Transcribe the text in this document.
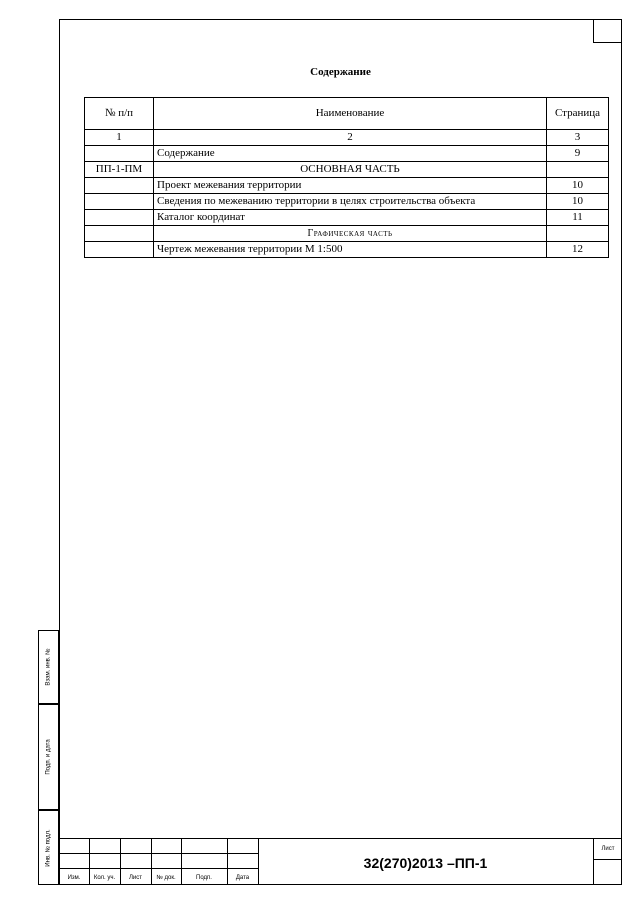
Содержание
№ п/п	Наименование	Страница
1	2	3
	Содержание	9
ПП-1-ПМ	ОСНОВНАЯ ЧАСТЬ	
	Проект межевания территории	10
	Сведения по межеванию территории в целях строительства объекта	10
	Каталог координат	11
	Графическая часть	
	Чертеж межевания территории М 1:500	12
Взам. инв. №
Подп. и дата
Инв. № подл.
Изм.	Кол. уч.	Лист	№ док.	Подп.	Дата
32(270)2013 –ПП-1
Лист
